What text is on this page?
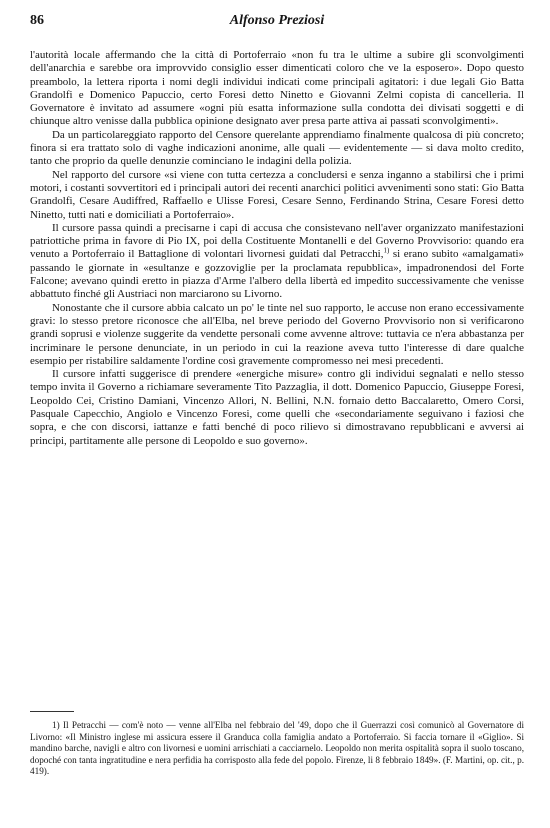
86	Alfonso Preziosi

l'autorità locale affermando che la città di Portoferraio «non fu tra le ultime a subire gli sconvolgimenti dell'anarchia e sarebbe ora improvvido consiglio esser dimenticati coloro che ve la esposero». Dopo questo preambolo, la lettera riporta i nomi degli individui indicati come principali agitatori: i due legali Gio Batta Grandolfi e Domenico Papuccio, certo Foresi detto Ninetto e Giovanni Zelmi copista di cancelleria. Il Governatore è invitato ad assumere «ogni più esatta informazione sulla condotta dei divisati soggetti e di chiunque altro venisse dalla pubblica opinione designato aver presa parte attiva ai passati sconvolgimenti».

Da un particolareggiato rapporto del Censore querelante apprendiamo finalmente qualcosa di più concreto; finora si era trattato solo di vaghe indicazioni anonime, alle quali — evidentemente — si dava molto credito, tanto che proprio da quelle denunzie cominciano le indagini della polizia.

Nel rapporto del cursore «si viene con tutta certezza a concludersi e senza inganno a stabilirsi che i primi motori, i costanti sovvertitori ed i principali autori dei recenti anarchici politici avvenimenti sono stati: Gio Batta Grandolfi, Cesare Audiffred, Raffaello e Ulisse Foresi, Cesare Senno, Ferdinando Strina, Cesare Foresi detto Ninetto, tutti nati e domiciliati a Portoferraio».

Il cursore passa quindi a precisarne i capi di accusa che consistevano nell'aver organizzato manifestazioni patriottiche prima in favore di Pio IX, poi della Costituente Montanelli e del Governo Provvisorio: quando era venuto a Portoferraio il Battaglione di volontari livornesi guidati dal Petracchi,$^{1)}$ si erano subito «amalgamati» passando le giornate in «esultanze e gozzoviglie per la proclamata repubblica», impadronendosi del Forte Falcone; avevano quindi eretto in piazza d'Arme l'albero della libertà ed impedito successivamente che venisse abbattuto finché gli Austriaci non marciarono su Livorno.

Nonostante che il cursore abbia calcato un po' le tinte nel suo rapporto, le accuse non erano eccessivamente gravi: lo stesso pretore riconosce che all'Elba, nel breve periodo del Governo Provvisorio non si verificarono grandi soprusi e violenze suggerite da vendette personali come avvenne altrove: tuttavia ce n'era abbastanza per incriminare le persone denunciate, in un periodo in cui la reazione aveva tutto l'interesse di dare qualche esempio per ristabilire saldamente l'ordine così gravemente compromesso nei mesi precedenti.

Il cursore infatti suggerisce di prendere «energiche misure» contro gli individui segnalati e nello stesso tempo invita il Governo a richiamare severamente Tito Pazzaglia, il dott. Domenico Papuccio, Giuseppe Foresi, Leopoldo Cei, Cristino Damiani, Vincenzo Allori, N. Bellini, N.N. fornaio detto Baccalaretto, Omero Corsi, Pasquale Capecchio, Angiolo e Vincenzo Foresi, come quelli che «secondariamente seguivano i faziosi che sopra, e che con discorsi, iattanze e fatti benché di poco rilievo si dimostravano repubblicani e avversi ai principi, partitamente alle persone di Leopoldo e suo governo».

1) Il Petracchi — com'è noto — venne all'Elba nel febbraio del '49, dopo che il Guerrazzi così comunicò al Governatore di Livorno: «Il Ministro inglese mi assicura essere il Granduca colla famiglia andato a Portoferraio. Si faccia tornare il «Giglio». Si mandino barche, navigli e altro con livornesi e uomini arrischiati a cacciarnelo. Leopoldo non merita ospitalità sopra il suolo toscano, dopoché con tanta ingratitudine e nera perfidia ha corrisposto alla fede del popolo. Firenze, li 8 febbraio 1849». (F. Martini, op. cit., p. 419).
